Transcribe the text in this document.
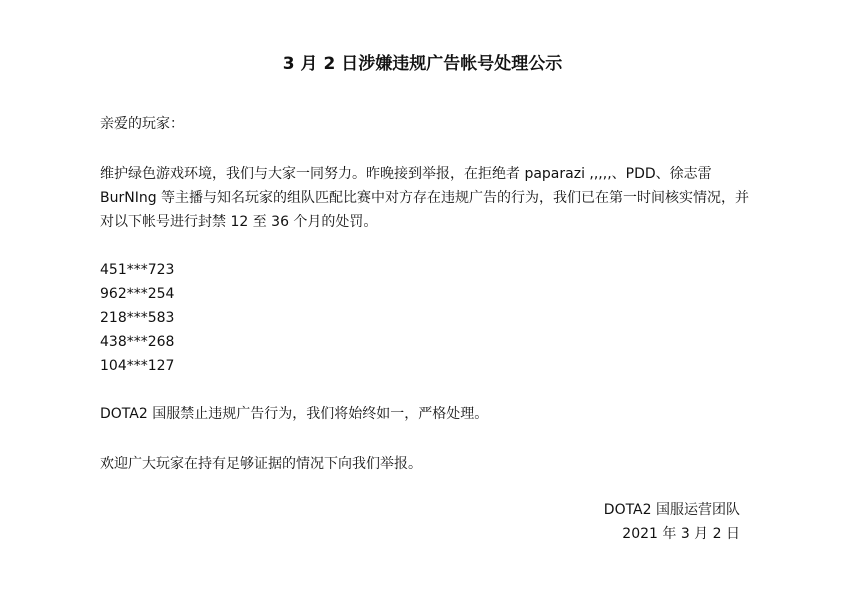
3 月 2 日涉嫌违规广告帐号处理公示

亲爱的玩家：

维护绿色游戏环境，我们与大家一同努力。昨晚接到举报，在拒绝者 paparazi ,,,,,、PDD、徐志雷 BurNIng 等主播与知名玩家的组队匹配比赛中对方存在违规广告的行为，我们已在第一时间核实情况，并对以下帐号进行封禁 12 至 36 个月的处罚。

451***723
962***254
218***583
438***268
104***127

DOTA2 国服禁止违规广告行为，我们将始终如一，严格处理。

欢迎广大玩家在持有足够证据的情况下向我们举报。

DOTA2 国服运营团队
2021 年 3 月 2 日
